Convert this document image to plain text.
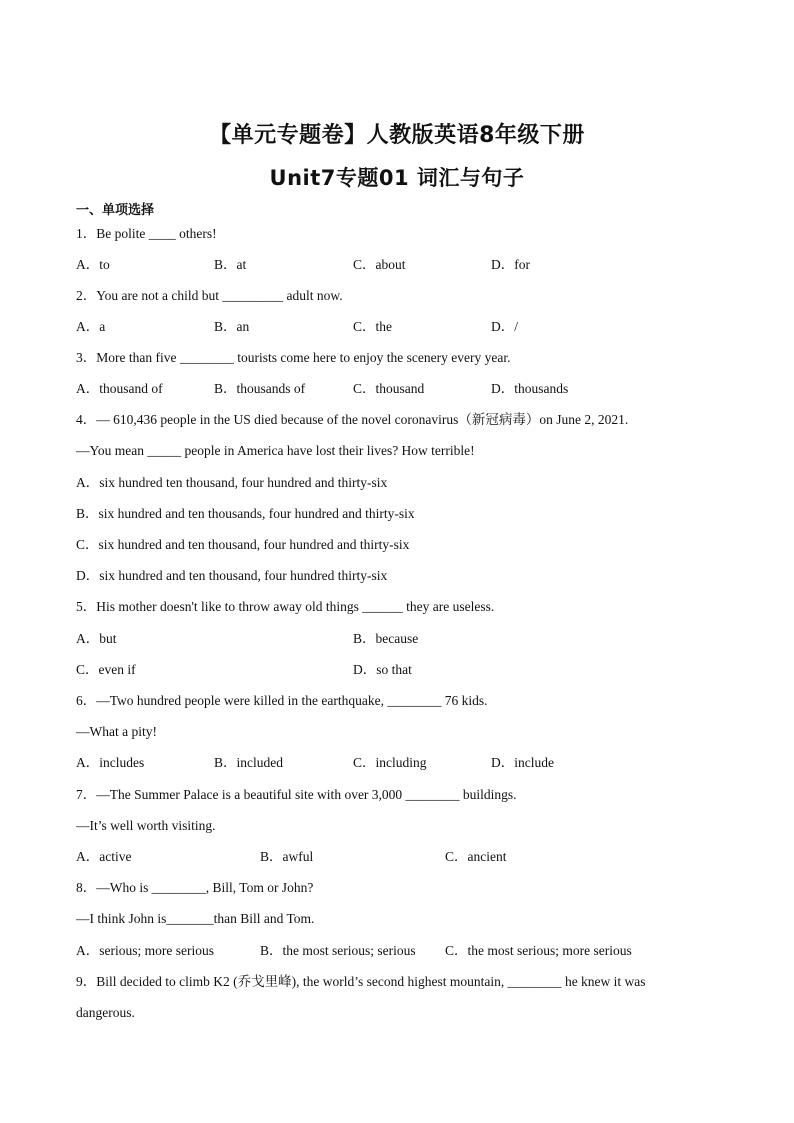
【单元专题卷】人教版英语8年级下册
Unit7专题01 词汇与句子
一、单项选择
1．Be polite ____ others!
A．to	B．at	C．about	D．for
2．You are not a child but _________ adult now.
A．a	B．an	C．the	D．/
3．More than five ________ tourists come here to enjoy the scenery every year.
A．thousand of	B．thousands of	C．thousand	D．thousands
4．— 610,436 people in the US died because of the novel coronavirus（新冠病毒）on June 2, 2021.
—You mean _____ people in America have lost their lives? How terrible!
A．six hundred ten thousand, four hundred and thirty-six
B．six hundred and ten thousands, four hundred and thirty-six
C．six hundred and ten thousand, four hundred and thirty-six
D．six hundred and ten thousand, four hundred thirty-six
5．His mother doesn't like to throw away old things ______ they are useless.
A．but	B．because
C．even if	D．so that
6．—Two hundred people were killed in the earthquake, ________ 76 kids.
—What a pity!
A．includes	B．included	C．including	D．include
7．—The Summer Palace is a beautiful site with over 3,000 ________ buildings.
—It’s well worth visiting.
A．active	B．awful	C．ancient
8．—Who is ________, Bill, Tom or John?
—I think John is_______than Bill and Tom.
A．serious; more serious	B．the most serious; serious C．the most serious; more serious
9．Bill decided to climb K2 (乔戈里峰), the world’s second highest mountain, ________ he knew it was
dangerous.
